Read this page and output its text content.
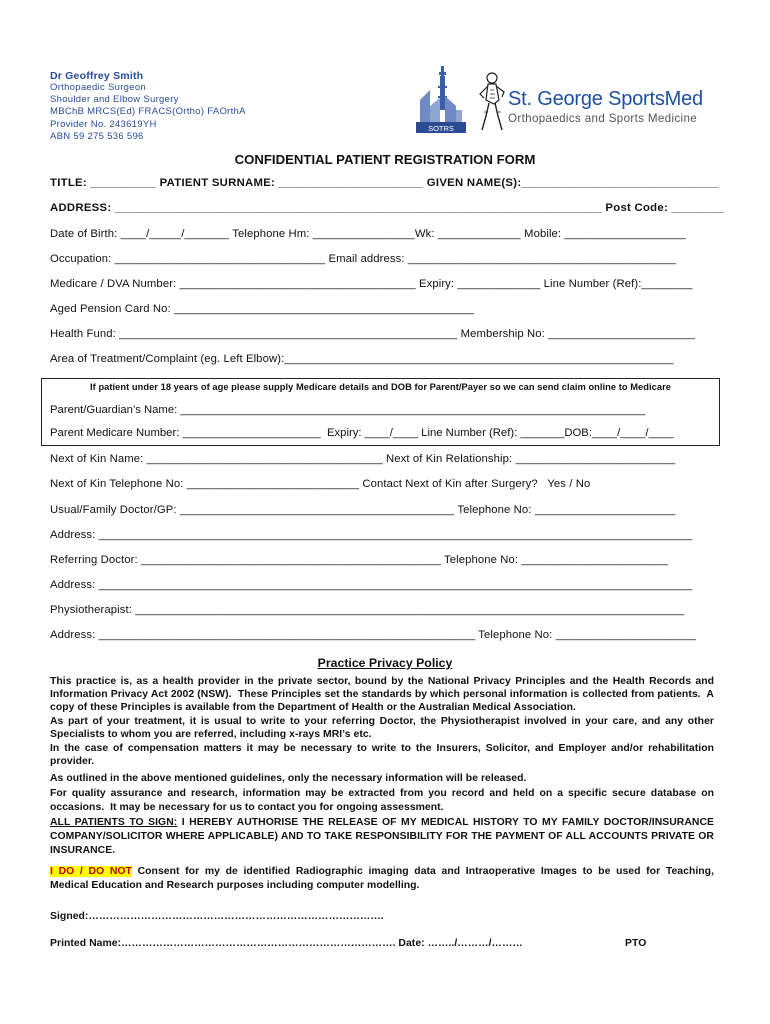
Dr Geoffrey Smith
Orthopaedic Surgeon
Shoulder and Elbow Surgery
MBChB MRCS(Ed) FRACS(Ortho) FAOrthA
Provider No. 243619YH
ABN 59 275 536 596
SOTRS
St. George SportsMed
Orthopaedics and Sports Medicine
CONFIDENTIAL PATIENT REGISTRATION FORM
TITLE: __________ PATIENT SURNAME: ______________________ GIVEN NAME(S):______________________________
ADDRESS: __________________________________________________________________________ Post Code: ________
Date of Birth: ____/_____/_______ Telephone Hm: ________________Wk: _____________ Mobile: ___________________
Occupation: _________________________________ Email address: __________________________________________
Medicare / DVA Number: _____________________________________ Expiry: _____________ Line Number (Ref):________
Aged Pension Card No: _______________________________________________
Health Fund: _____________________________________________________ Membership No: _______________________
Area of Treatment/Complaint (eg. Left Elbow):_____________________________________________________________
If patient under 18 years of age please supply Medicare details and DOB for Parent/Payer so we can send claim online to Medicare
Parent/Guardian’s Name: __________________________________________________________________________
Parent Medicare Number: ______________________  Expiry: ____/____ Line Number (Ref): _______DOB:____/____/____
Next of Kin Name: _____________________________________ Next of Kin Relationship: _________________________
Next of Kin Telephone No: ___________________________ Contact Next of Kin after Surgery?   Yes / No
Usual/Family Doctor/GP: ___________________________________________ Telephone No: ______________________
Address: _____________________________________________________________________________________________
Referring Doctor: _______________________________________________ Telephone No: _______________________
Address: _____________________________________________________________________________________________
Physiotherapist: ______________________________________________________________________________________
Address: ___________________________________________________________ Telephone No: ______________________
Practice Privacy Policy
This practice is, as a health provider in the private sector, bound by the National Privacy Principles and the Health Records and
Information Privacy Act 2002 (NSW).  These Principles set the standards by which personal information is collected from patients.  A
copy of these Principles is available from the Department of Health or the Australian Medical Association.
As part of your treatment, it is usual to write to your referring Doctor, the Physiotherapist involved in your care, and any other
Specialists to whom you are referred, including x-rays MRI’s etc.
In the case of compensation matters it may be necessary to write to the Insurers, Solicitor, and Employer and/or rehabilitation
provider.
As outlined in the above mentioned guidelines, only the necessary information will be released.
For quality assurance and research, information may be extracted from you record and held on a specific secure database on
occasions.  It may be necessary for us to contact you for ongoing assessment.
ALL PATIENTS TO SIGN: I HEREBY AUTHORISE THE RELEASE OF MY MEDICAL HISTORY TO MY FAMILY DOCTOR/INSURANCE
COMPANY/SOLICITOR WHERE APPLICABLE) AND TO TAKE RESPONSIBILITY FOR THE PAYMENT OF ALL ACCOUNTS PRIVATE OR
INSURANCE.
I DO / DO NOT Consent for my de identified Radiographic imaging data and Intraoperative Images to be used for Teaching,
Medical Education and Research purposes including computer modelling.
Signed:………………………………………………………………………….
Printed Name:……………………………………………………………………. Date: ……../………/………	PTO
